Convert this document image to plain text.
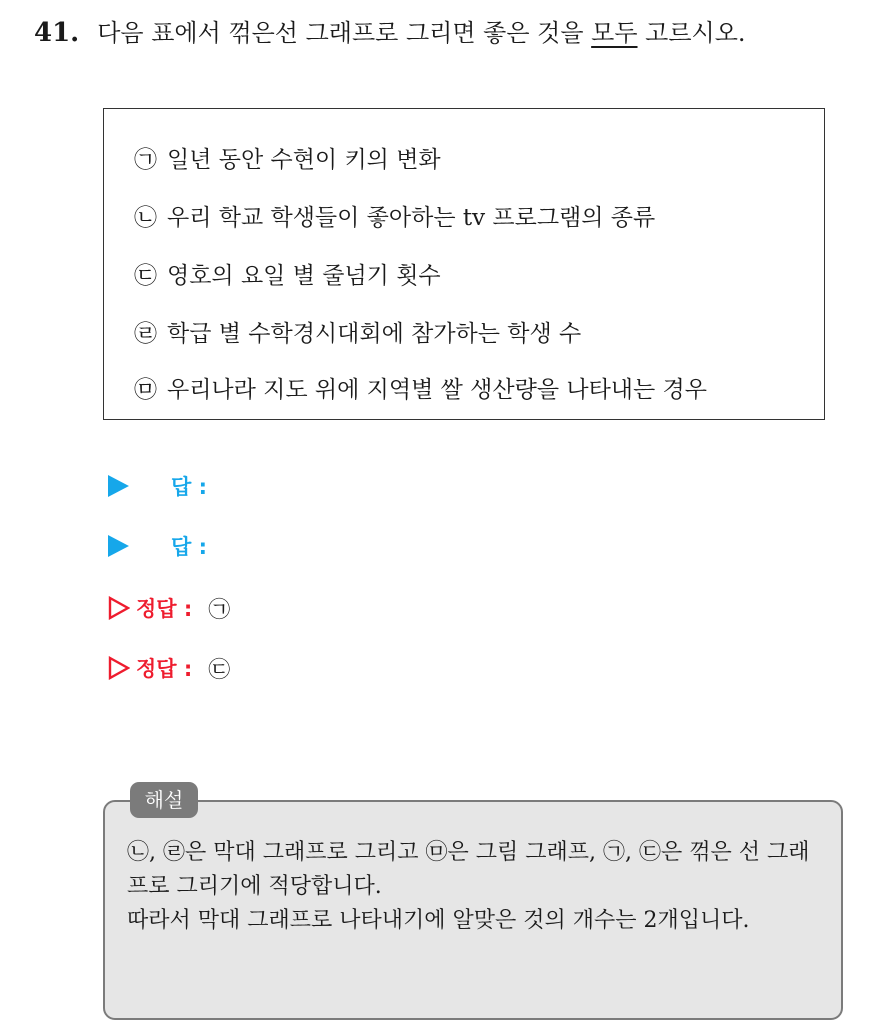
41. 다음 표에서 꺾은선 그래프로 그리면 좋은 것을 모두 고르시오.
㉠ 일년 동안 수현이 키의 변화
㉡ 우리 학교 학생들이 좋아하는 tv 프로그램의 종류
㉢ 영호의 요일 별 줄넘기 횟수
㉣ 학급 별 수학경시대회에 참가하는 학생 수
㉤ 우리나라 지도 위에 지역별 쌀 생산량을 나타내는 경우
답 :
답 :
정답 : ㉠
정답 : ㉢
해설

㉡, ㉣은 막대 그래프로 그리고 ㉤은 그림 그래프, ㉠, ㉢은 꺾은 선 그래프로 그리기에 적당합니다.

따라서 막대 그래프로 나타내기에 알맞은 것의 개수는 2개입니다.
